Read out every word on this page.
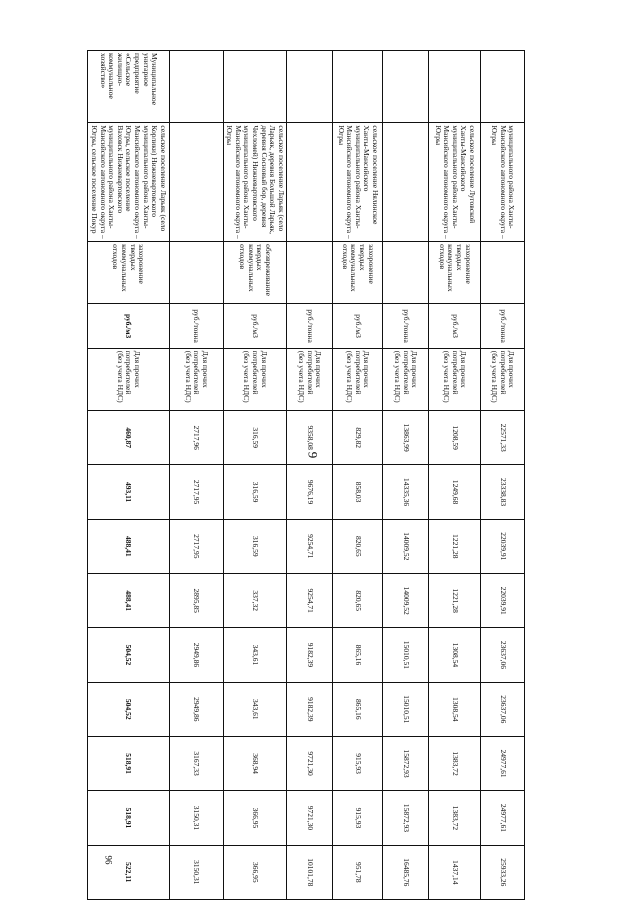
9
	муниципального района Ханты-Мансийского автономного округа – Югры		руб./тонна	Для прочих потребителей (без учета НДС)	22571,33	23338,83	22039,91	22039,91	23637,06	23637,06	24977,61	24977,61	25933,26
	сельское поселение Луговской Ханты-Мансийского муниципального района Ханты-Мансийского автономного округа – Югры	захоронение твердых коммунальных отходов	руб./м3	Для прочих потребителей (без учета НДС)	1208,59	1249,68	1221,28	1221,28	1308,54	1308,54	1383,72	1383,72	1437,14
			руб./тонна	Для прочих потребителей (без учета НДС)	13863,99	14335,36	14009,52	14009,52	15010,51	15010,51	15872,93	15872,93	16485,76
	сельское поселение Нялинское Ханты-Мансийского муниципального района Ханты-Мансийского автономного округа – Югры	захоронение твердых коммунальных отходов	руб./м3	Для прочих потребителей (без учета НДС)	829,82	858,03	820,65	820,65	865,16	865,16	915,93	915,93	951,78
			руб./тонна	Для прочих потребителей (без учета НДС)	9358,08	9676,19	9254,71	9254,71	9182,39	9182,39	9721,30	9721,30	10101,78
	сельское поселение Ларьяк (село Ларьяк, деревня Большой Ларьяк, деревня Сосновый бор, деревня Чехломей) Нижневартовского муниципального района Ханты-Мансийского автономного округа – Югры	обезвреживание твердых коммунальных отходов	руб./м3	Для прочих потребителей (без учета НДС)	316,59	316,59	316,59	337,32	343,61	343,61	368,94	366,95	366,95
			руб./тонна	Для прочих потребителей (без учета НДС)	2717,96	2717,95	2717,95	2895,85	2949,86	2949,86	3167,33	3150,31	3150,31
Муниципальное унитарное предприятие «Сельское жилищно-коммунальное хозяйство»	сельское поселение Ларьяк (село Корлики) Нижневартовского муниципального района Ханты-Мансийского автономного округа – Югры, сельское поселение Ваховск Нижневартовского муниципального района Ханты-Мансийского автономного округа – Югры, сельское поселение Покур	захоронение твердых коммунальных отходов	руб./м3	Для прочих потребителей (без учета НДС)	460,87	493,11	488,41	488,41	504,52	504,52	518,91	518,91	522,11
96
